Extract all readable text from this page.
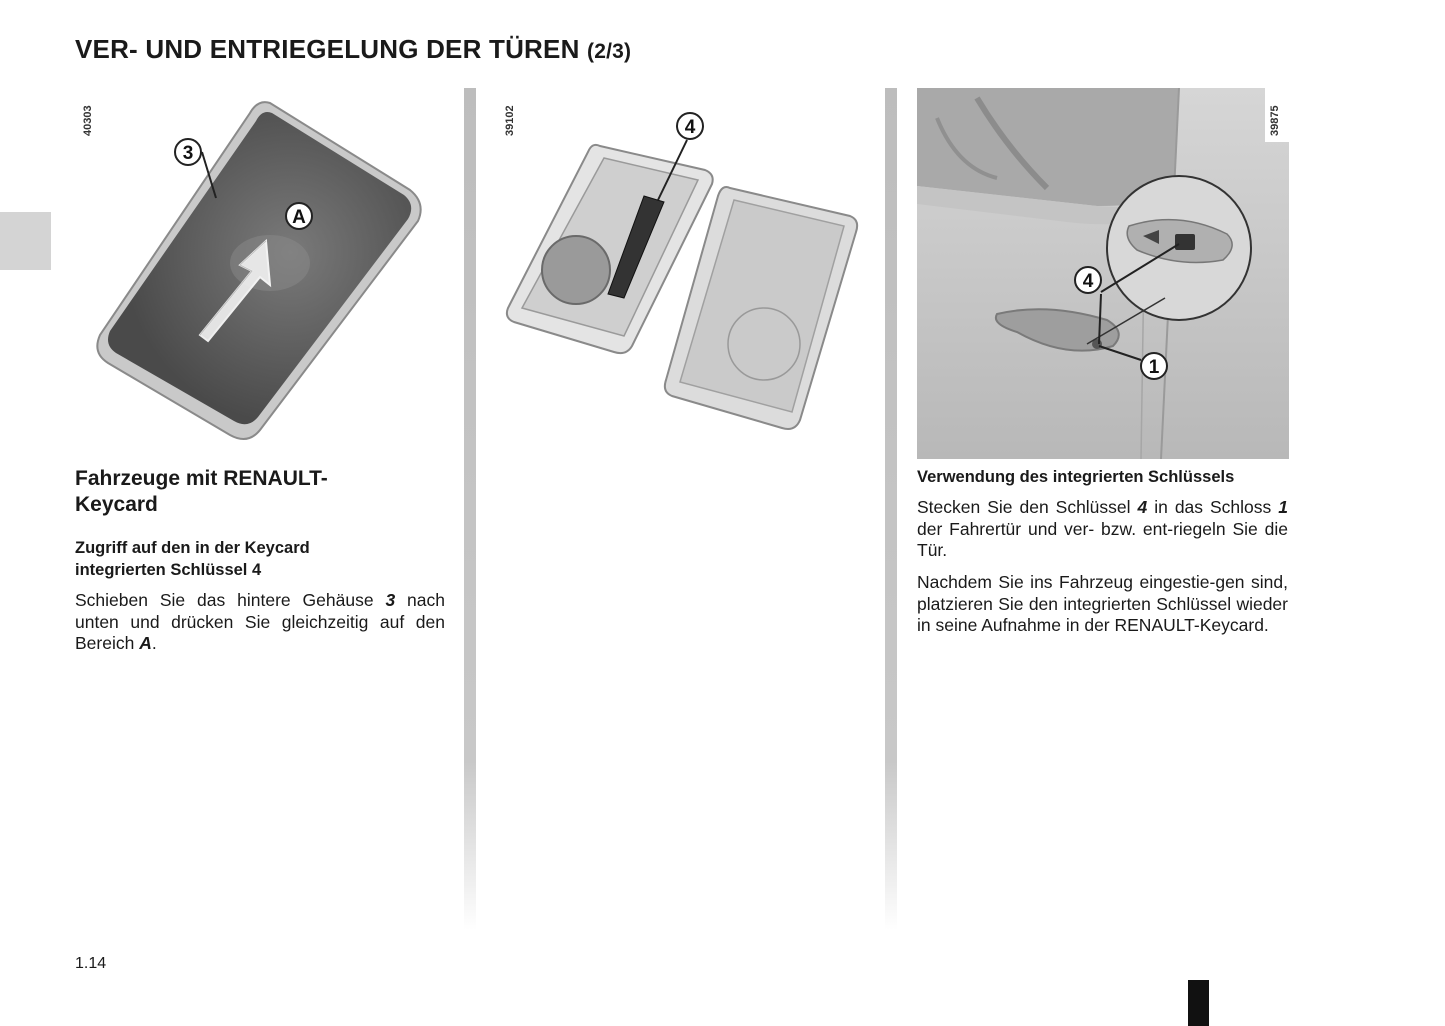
VER- UND ENTRIEGELUNG DER TÜREN (2/3)
40303
3
A
39102	4
4
1
39875
Fahrzeuge mit RENAULT-
Keycard
Zugriff auf den in der Keycard
integrierten Schlüssel 4
Schieben Sie das hintere Gehäuse 3 nach unten und drücken Sie gleichzeitig auf den Bereich A.
Verwendung des integrierten Schlüssels
Stecken Sie den Schlüssel 4 in das Schloss 1 der Fahrertür und ver- bzw. ent-riegeln Sie die Tür.
Nachdem Sie ins Fahrzeug eingestie-gen sind, platzieren Sie den integrierten Schlüssel wieder in seine Aufnahme in der RENAULT-Keycard.
1.14
